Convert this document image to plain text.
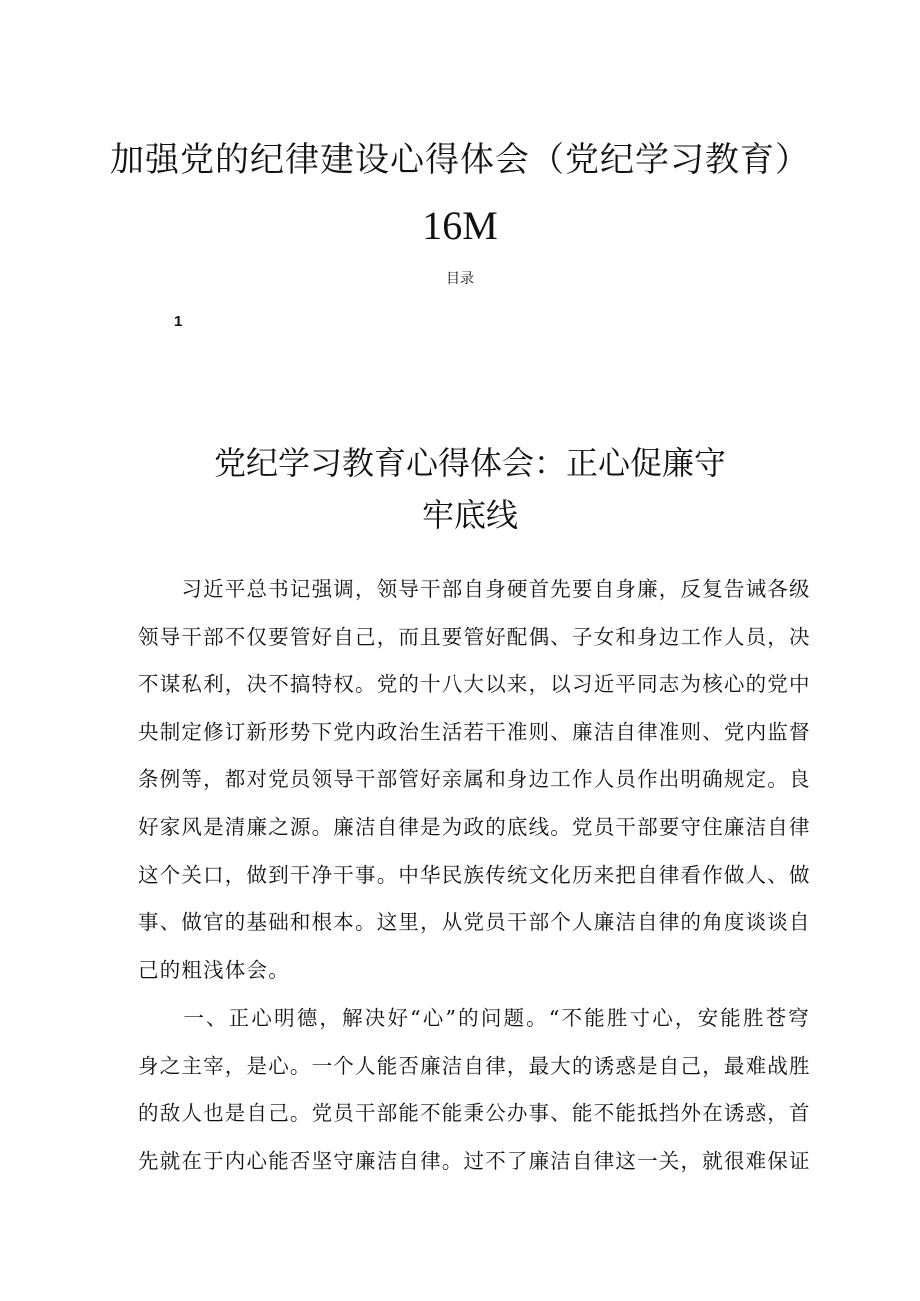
加强党的纪律建设心得体会（党纪学习教育）
16M
目录
1
党纪学习教育心得体会：正心促廉守
牢底线
　　习近平总书记强调，领导干部自身硬首先要自身廉，反复告诫各级
领导干部不仅要管好自己，而且要管好配偶、子女和身边工作人员，决
不谋私利，决不搞特权。党的十八大以来，以习近平同志为核心的党中
央制定修订新形势下党内政治生活若干准则、廉洁自律准则、党内监督
条例等，都对党员领导干部管好亲属和身边工作人员作出明确规定。良
好家风是清廉之源。廉洁自律是为政的底线。党员干部要守住廉洁自律
这个关口，做到干净干事。中华民族传统文化历来把自律看作做人、做
事、做官的基础和根本。这里，从党员干部个人廉洁自律的角度谈谈自
己的粗浅体会。
　　一、正心明德，解决好“心”的问题。“不能胜寸心，安能胜苍穹
身之主宰，是心。一个人能否廉洁自律，最大的诱惑是自己，最难战胜
的敌人也是自己。党员干部能不能秉公办事、能不能抵挡外在诱惑，首
先就在于内心能否坚守廉洁自律。过不了廉洁自律这一关，就很难保证
